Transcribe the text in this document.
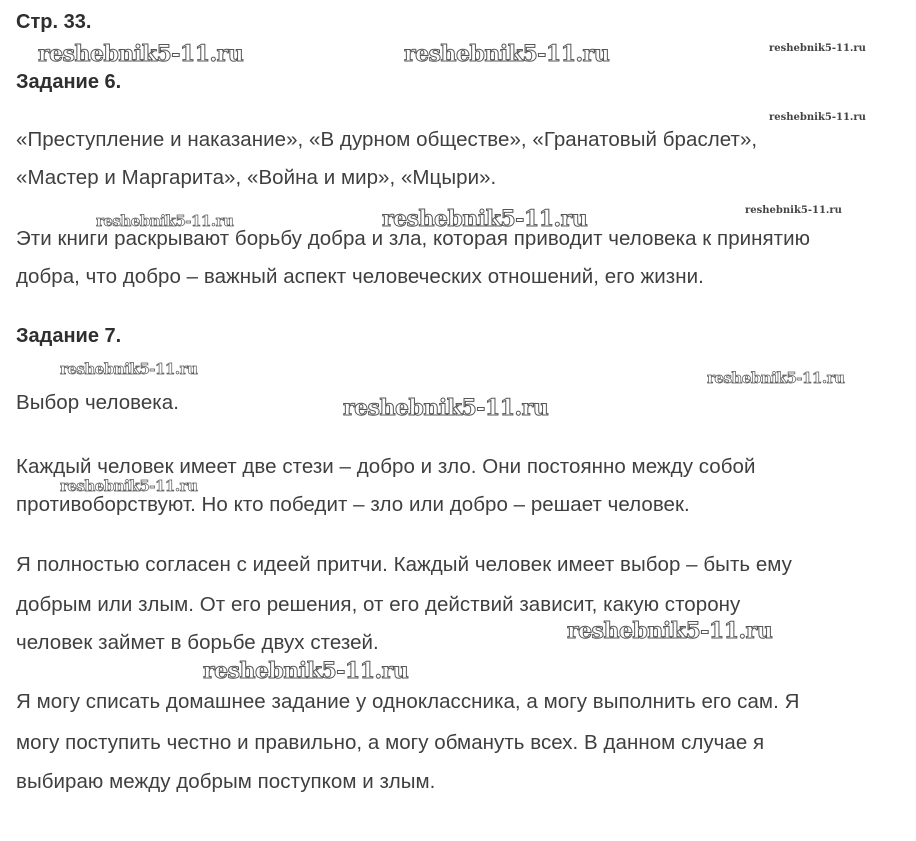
Стр. 33.
Задание 6.
«Преступление и наказание», «В дурном обществе», «Гранатовый браслет»,
«Мастер и Маргарита», «Война и мир», «Мцыри».
Эти книги раскрывают борьбу добра и зла, которая приводит человека к принятию
добра, что добро – важный аспект человеческих отношений, его жизни.
Задание 7.
Выбор человека.
Каждый человек имеет две стези – добро и зло. Они постоянно между собой
противоборствуют. Но кто победит – зло или добро – решает человек.
Я полностью согласен с идеей притчи. Каждый человек имеет выбор – быть ему
добрым или злым. От его решения, от его действий зависит, какую сторону
человек займет в борьбе двух стезей.
Я могу списать домашнее задание у одноклассника, а могу выполнить его сам. Я
могу поступить честно и правильно, а могу обмануть всех. В данном случае я
выбираю между добрым поступком и злым.
reshebnik5-11.ru	reshebnik5-11.ru	reshebnik5-11.ru
reshebnik5-11.ru
reshebnik5-11.ru	reshebnik5-11.ru	reshebnik5-11.ru
reshebnik5-11.ru	reshebnik5-11.ru
reshebnik5-11.ru
reshebnik5-11.ru
reshebnik5-11.ru
reshebnik5-11.ru
